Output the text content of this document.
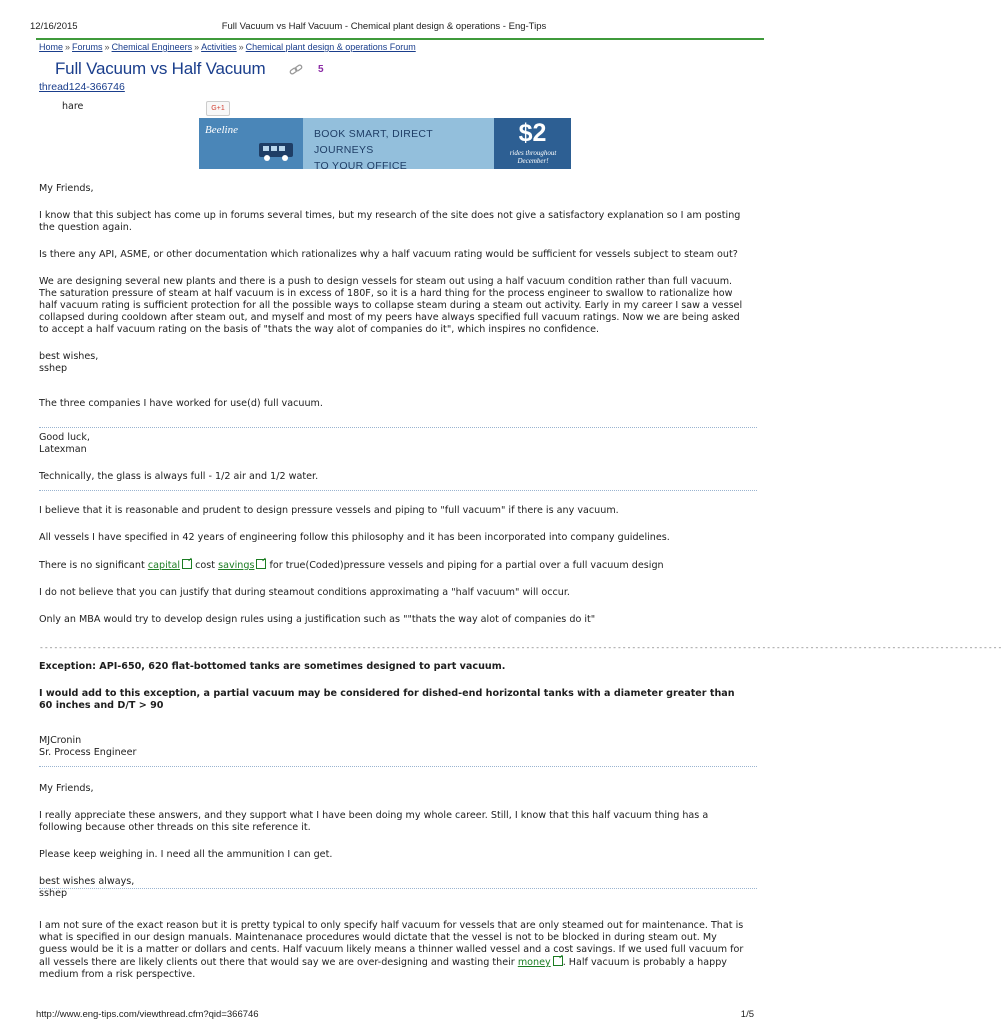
12/16/2015	Full Vacuum vs Half Vacuum - Chemical plant design & operations - Eng-Tips
Home » Forums » Chemical Engineers » Activities » Chemical plant design & operations Forum
Full Vacuum vs Half Vacuum	5
thread124-366746
hare	G+1
Beeline	BOOK SMART, DIRECT JOURNEYS
TO YOUR OFFICE
$2
rides throughout December!

My Friends,

I know that this subject has come up in forums several times, but my research of the site does not give a satisfactory explanation so I am posting the question again.

Is there any API, ASME, or other documentation which rationalizes why a half vacuum rating would be sufficient for vessels subject to steam out?

We are designing several new plants and there is a push to design vessels for steam out using a half vacuum condition rather than full vacuum. The saturation pressure of steam at half vacuum is in excess of 180F, so it is a hard thing for the process engineer to swallow to rationalize how half vacuum rating is sufficient protection for all the possible ways to collapse steam during a steam out activity. Early in my career I saw a vessel collapsed during cooldown after steam out, and myself and most of my peers have always specified full vacuum ratings. Now we are being asked to accept a half vacuum rating on the basis of "thats the way alot of companies do it", which inspires no confidence.

best wishes,

sshep

The three companies I have worked for use(d) full vacuum.

Good luck,

Latexman

Technically, the glass is always full - 1/2 air and 1/2 water.

I believe that it is reasonable and prudent to design pressure vessels and piping to "full vacuum" if there is any vacuum.

All vessels I have specified in 42 years of engineering follow this philosophy and it has been incorporated into company guidelines.

There is no significant capital cost savings for true(Coded)pressure vessels and piping for a partial over a full vacuum design

I do not believe that you can justify that during steamout conditions approximating a "half vacuum" will occur.

Only an MBA would try to develop design rules using a justification such as ""thats the way alot of companies do it"

--------------------------------------------------------------------------------------------------------------------------------------------------------------------------------------------------------

Exception: API-650, 620 flat-bottomed tanks are sometimes designed to part vacuum.

I would add to this exception, a partial vacuum may be considered for dished-end horizontal tanks with a diameter greater than 60 inches and D/T > 90

MJCronin

Sr. Process Engineer

My Friends,

I really appreciate these answers, and they support what I have been doing my whole career. Still, I know that this half vacuum thing has a following because other threads on this site reference it.

Please keep weighing in. I need all the ammunition I can get.

best wishes always,

sshep

I am not sure of the exact reason but it is pretty typical to only specify half vacuum for vessels that are only steamed out for maintenance. That is what is specified in our design manuals. Maintenanace procedures would dictate that the vessel is not to be blocked in during steam out. My guess would be it is a matter or dollars and cents. Half vacuum likely means a thinner walled vessel and a cost savings. If we used full vacuum for all vessels there are likely clients out there that would say we are over-designing and wasting their money . Half vacuum is probably a happy medium from a risk perspective.

http://www.eng-tips.com/viewthread.cfm?qid=366746	1/5
